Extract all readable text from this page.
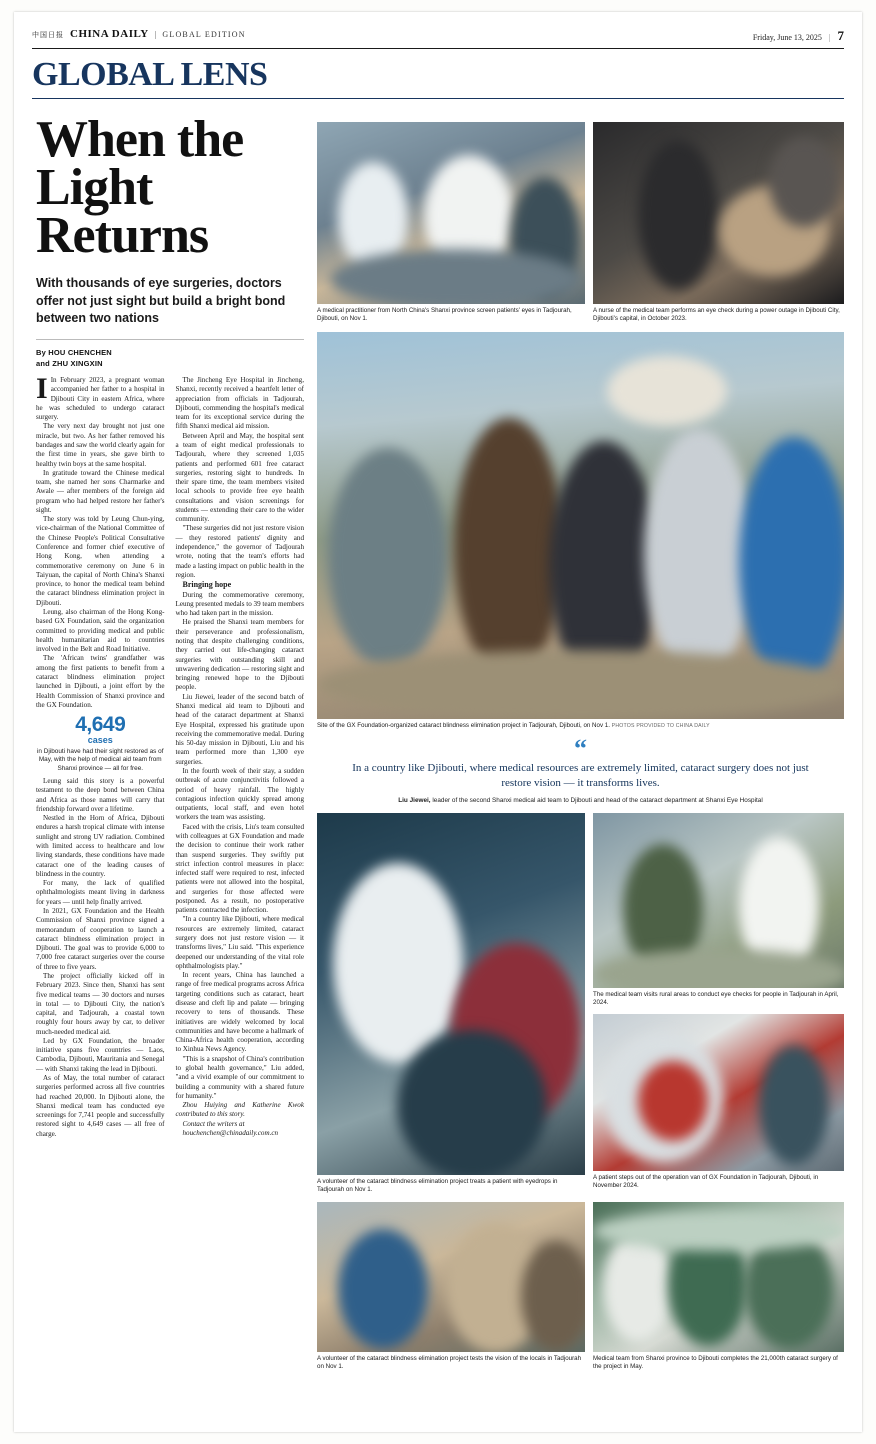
中国日报 CHINA DAILY | GLOBAL EDITION	Friday, June 13, 2025 | 7
GLOBAL LENS
When the Light Returns
With thousands of eye surgeries, doctors offer not just sight but build a bright bond between two nations
By HOU CHENCHEN
and ZHU XINGXIN

I In February 2023, a pregnant woman accompanied her father to a hospital in Djibouti City in eastern Africa, where he was scheduled to undergo cataract surgery.

The very next day brought not just one miracle, but two. As her father removed his bandages and saw the world clearly again for the first time in years, she gave birth to healthy twin boys at the same hospital.

In gratitude toward the Chinese medical team, she named her sons Charmarke and Awale — after members of the foreign aid program who had helped restore her father's sight.

The story was told by Leung Chun-ying, vice-chairman of the National Committee of the Chinese People's Political Consultative Conference and former chief executive of Hong Kong, when attending a commemorative ceremony on June 6 in Taiyuan, the capital of North China's Shanxi province, to honor the medical team behind the cataract blindness elimination project in Djibouti.

Leung, also chairman of the Hong Kong-based GX Foundation, said the organization committed to providing medical and public health humanitarian aid to countries involved in the Belt and Road Initiative.

The 'African twins' grandfather was among the first patients to benefit from a cataract blindness elimination project launched in Djibouti, a joint effort by the Health Commission of Shanxi province and the GX Foundation.

4,649
cases
in Djibouti have had their sight restored as of May, with the help of medical aid team from Shanxi province — all for free.

Leung said this story is a powerful testament to the deep bond between China and Africa as those names will carry that friendship forward over a lifetime.

Nestled in the Horn of Africa, Djibouti endures a harsh tropical climate with intense sunlight and strong UV radiation. Combined with limited access to healthcare and low living standards, these conditions have made cataract one of the leading causes of blindness in the country.

For many, the lack of qualified ophthalmologists meant living in darkness for years — until help finally arrived.

In 2021, GX Foundation and the Health Commission of Shanxi province signed a memorandum of cooperation to launch a cataract blindness elimination project in Djibouti. The goal was to provide 6,000 to 7,000 free cataract surgeries over the course of three to five years.

The project officially kicked off in February 2023. Since then, Shanxi has sent five medical teams — 30 doctors and nurses in total — to Djibouti City, the nation's capital, and Tadjourah, a coastal town roughly four hours away by car, to deliver much-needed medical aid.

Led by GX Foundation, the broader initiative spans five countries — Laos, Cambodia, Djibouti, Mauritania and Senegal — with Shanxi taking the lead in Djibouti.

As of May, the total number of cataract surgeries performed across all five countries had reached 20,000. In Djibouti alone, the Shanxi medical team has conducted eye screenings for 7,741 people and successfully restored sight to 4,649 cases — all free of charge.

The Jincheng Eye Hospital in Jincheng, Shanxi, recently received a heartfelt letter of appreciation from officials in Tadjourah, Djibouti, commending the hospital's medical team for its exceptional service during the fifth Shanxi medical aid mission.

Between April and May, the hospital sent a team of eight medical professionals to Tadjourah, where they screened 1,035 patients and performed 601 free cataract surgeries, restoring sight to hundreds. In their spare time, the team members visited local schools to provide free eye health consultations and vision screenings for students — extending their care to the wider community.

"These surgeries did not just restore vision — they restored patients' dignity and independence," the governor of Tadjourah wrote, noting that the team's efforts had made a lasting impact on public health in the region.

Bringing hope

During the commemorative ceremony, Leung presented medals to 39 team members who had taken part in the mission.

He praised the Shanxi team members for their perseverance and professionalism, noting that despite challenging conditions, they carried out life-changing cataract surgeries with outstanding skill and unwavering dedication — restoring sight and bringing renewed hope to the Djibouti people.

Liu Jiewei, leader of the second batch of Shanxi medical aid team to Djibouti and head of the cataract department at Shanxi Eye Hospital, expressed his gratitude upon receiving the commemorative medal. During his 50-day mission in Djibouti, Liu and his team performed more than 1,300 eye surgeries.

In the fourth week of their stay, a sudden outbreak of acute conjunctivitis followed a period of heavy rainfall. The highly contagious infection quickly spread among outpatients, local staff, and even hotel workers the team was assisting.

Faced with the crisis, Liu's team consulted with colleagues at GX Foundation and made the decision to continue their work rather than suspend surgeries. They swiftly put strict infection control measures in place: infected staff were required to rest, infected patients were not allowed into the hospital, and surgeries for those affected were postponed. As a result, no postoperative patients contracted the infection.

"In a country like Djibouti, where medical resources are extremely limited, cataract surgery does not just restore vision — it transforms lives," Liu said. "This experience deepened our understanding of the vital role ophthalmologists play."

In recent years, China has launched a range of free medical programs across Africa targeting conditions such as cataract, heart disease and cleft lip and palate — bringing recovery to tens of thousands. These initiatives are widely welcomed by local communities and have become a hallmark of China-Africa health cooperation, according to Xinhua News Agency.

"This is a snapshot of China's contribution to global health governance," Liu added, "and a vivid example of our commitment to building a community with a shared future for humanity."

Zhou Huiying and Katherine Kwok contributed to this story.

Contact the writers at

houchenchen@chinadaily.com.cn

A medical practitioner from North China's Shanxi province screen patients' eyes in Tadjourah, Djibouti, on Nov 1.
A nurse of the medical team performs an eye check during a power outage in Djibouti City, Djibouti's capital, in October 2023.
Site of the GX Foundation-organized cataract blindness elimination project in Tadjourah, Djibouti, on Nov 1. PHOTOS PROVIDED TO CHINA DAILY
“
In a country like Djibouti, where medical resources are extremely limited, cataract surgery does not just restore vision — it transforms lives.
Liu Jiewei, leader of the second Shanxi medical aid team to Djibouti and head of the cataract department at Shanxi Eye Hospital
A volunteer of the cataract blindness elimination project treats a patient with eyedrops in Tadjourah on Nov 1.
The medical team visits rural areas to conduct eye checks for people in Tadjourah in April, 2024.
A patient steps out of the operation van of GX Foundation in Tadjourah, Djibouti, in November 2024.
A volunteer of the cataract blindness elimination project tests the vision of the locals in Tadjourah on Nov 1.
Medical team from Shanxi province to Djibouti completes the 21,000th cataract surgery of the project in May.
